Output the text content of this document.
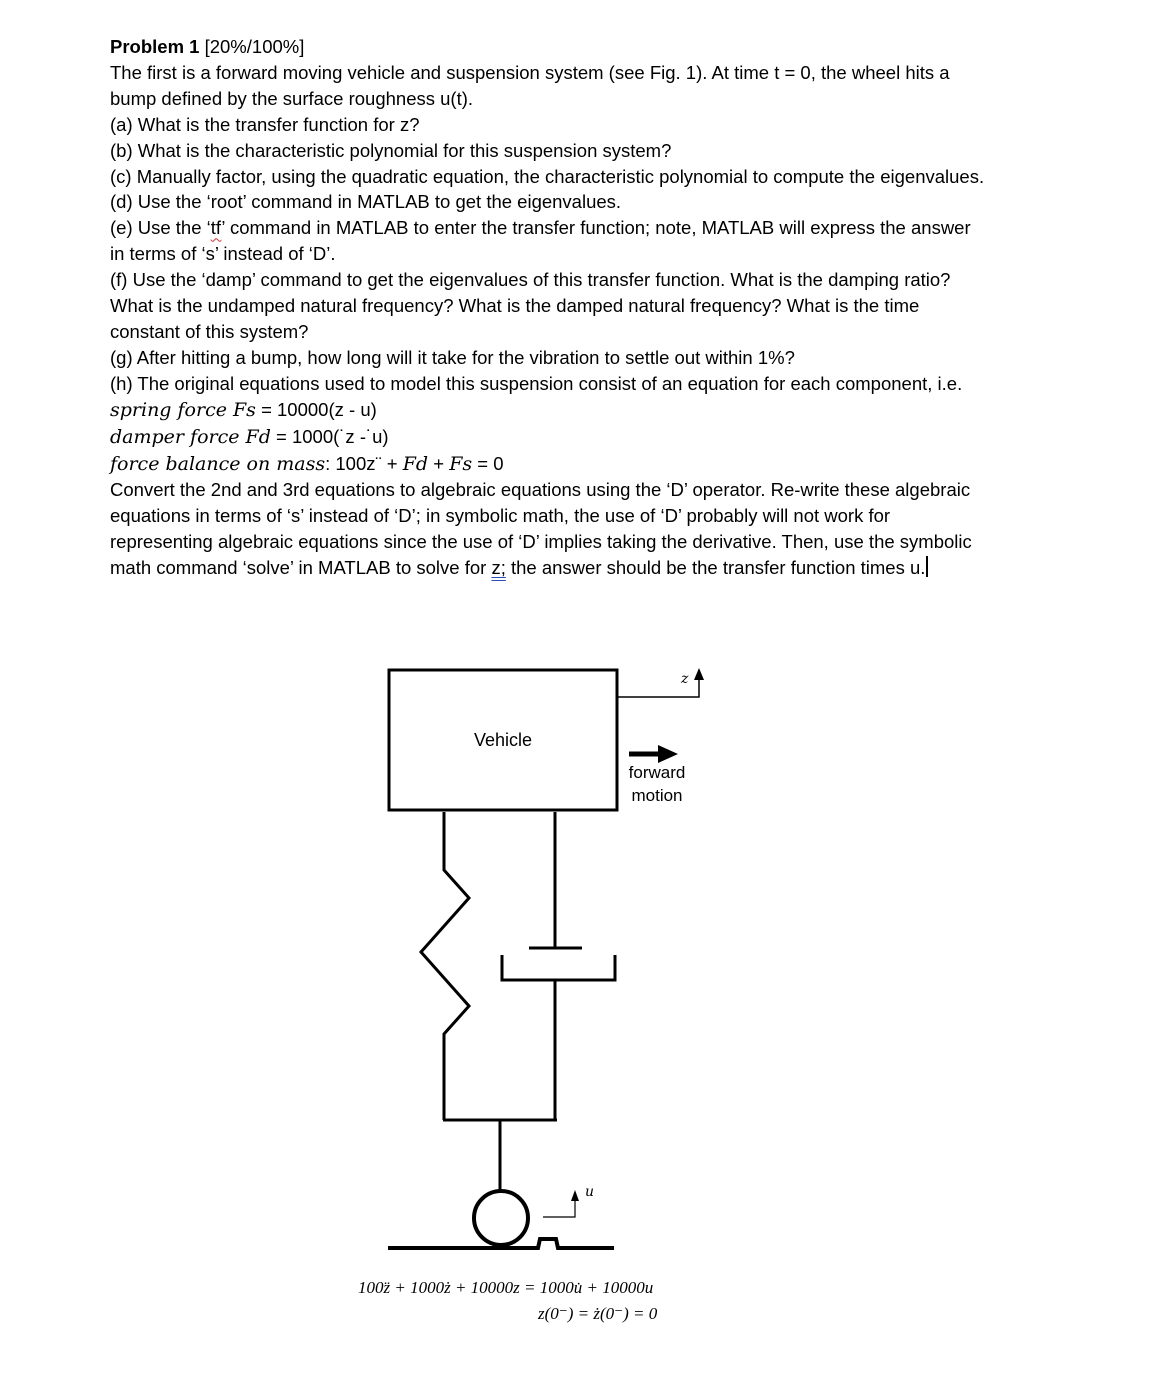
Problem 1 [20%/100%]

The first is a forward moving vehicle and suspension system (see Fig. 1). At time t = 0, the wheel hits a bump defined by the surface roughness u(t).

(a) What is the transfer function for z?

(b) What is the characteristic polynomial for this suspension system?

(c) Manually factor, using the quadratic equation, the characteristic polynomial to compute the eigenvalues.

(d) Use the ‘root’ command in MATLAB to get the eigenvalues.

(e) Use the ‘tf’ command in MATLAB to enter the transfer function; note, MATLAB will express the answer in terms of ‘s’ instead of ‘D’.

(f) Use the ‘damp’ command to get the eigenvalues of this transfer function. What is the damping ratio? What is the undamped natural frequency? What is the damped natural frequency? What is the time constant of this system?

(g) After hitting a bump, how long will it take for the vibration to settle out within 1%?

(h) The original equations used to model this suspension consist of an equation for each component, i.e.

spring force Fs = 10000(z - u)

damper force Fd = 1000(˙z -˙u)

force balance on mass: 100z¨ + Fd + Fs = 0

Convert the 2nd and 3rd equations to algebraic equations using the ‘D’ operator. Re-write these algebraic equations in terms of ‘s’ instead of ‘D’; in symbolic math, the use of ‘D’ probably will not work for representing algebraic equations since the use of ‘D’ implies taking the derivative. Then, use the symbolic math command ‘solve’ in MATLAB to solve for z; the answer should be the transfer function times u.

Vehicle
z
forward
motion
u
100z̈ + 1000ż + 10000z = 1000u̇ + 10000u
z(0⁻) = ż(0⁻) = 0
